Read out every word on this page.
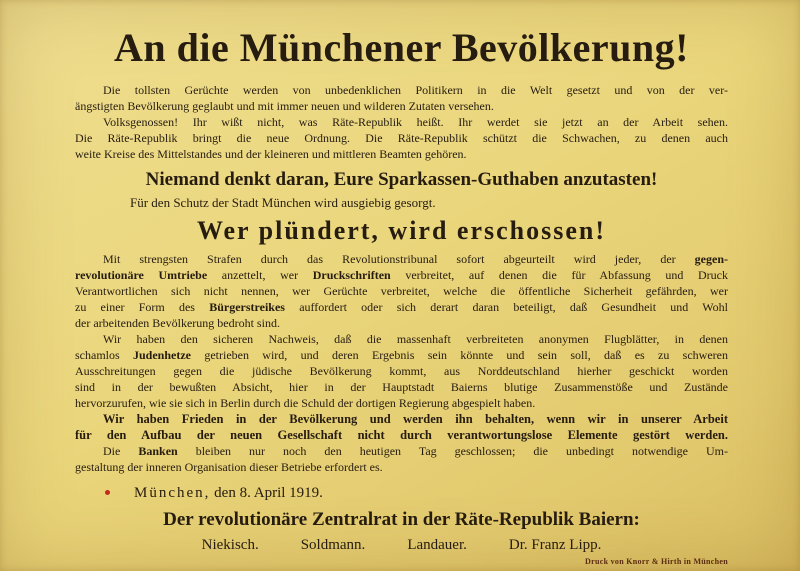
An die Münchener Bevölkerung!
Die tollsten Gerüchte werden von unbedenklichen Politikern in die Welt gesetzt und von der ver-
ängstigten Bevölkerung geglaubt und mit immer neuen und wilderen Zutaten versehen.
Volksgenossen! Ihr wißt nicht, was Räte-Republik heißt. Ihr werdet sie jetzt an der Arbeit sehen.
Die Räte-Republik bringt die neue Ordnung. Die Räte-Republik schützt die Schwachen, zu denen auch
weite Kreise des Mittelstandes und der kleineren und mittleren Beamten gehören.
Niemand denkt daran, Eure Sparkassen-Guthaben anzutasten!
Für den Schutz der Stadt München wird ausgiebig gesorgt.
Wer plündert, wird erschossen!
Mit strengsten Strafen durch das Revolutionstribunal sofort abgeurteilt wird jeder, der gegen-
revolutionäre Umtriebe anzettelt, wer Druckschriften verbreitet, auf denen die für Abfassung und Druck
Verantwortlichen sich nicht nennen, wer Gerüchte verbreitet, welche die öffentliche Sicherheit gefährden, wer
zu einer Form des Bürgerstreikes auffordert oder sich derart daran beteiligt, daß Gesundheit und Wohl
der arbeitenden Bevölkerung bedroht sind.
Wir haben den sicheren Nachweis, daß die massenhaft verbreiteten anonymen Flugblätter, in denen
schamlos Judenhetze getrieben wird, und deren Ergebnis sein könnte und sein soll, daß es zu schweren
Ausschreitungen gegen die jüdische Bevölkerung kommt, aus Norddeutschland hierher geschickt worden
sind in der bewußten Absicht, hier in der Hauptstadt Baierns blutige Zusammenstöße und Zustände
hervorzurufen, wie sie sich in Berlin durch die Schuld der dortigen Regierung abgespielt haben.
Wir haben Frieden in der Bevölkerung und werden ihn behalten, wenn wir in unserer Arbeit
für den Aufbau der neuen Gesellschaft nicht durch verantwortungslose Elemente gestört werden.
Die Banken bleiben nur noch den heutigen Tag geschlossen; die unbedingt notwendige Um-
gestaltung der inneren Organisation dieser Betriebe erfordert es.
München, den 8. April 1919.
Der revolutionäre Zentralrat in der Räte-Republik Baiern:
Niekisch.	Soldmann.	Landauer.	Dr. Franz Lipp.
Druck von Knorr & Hirth in München
